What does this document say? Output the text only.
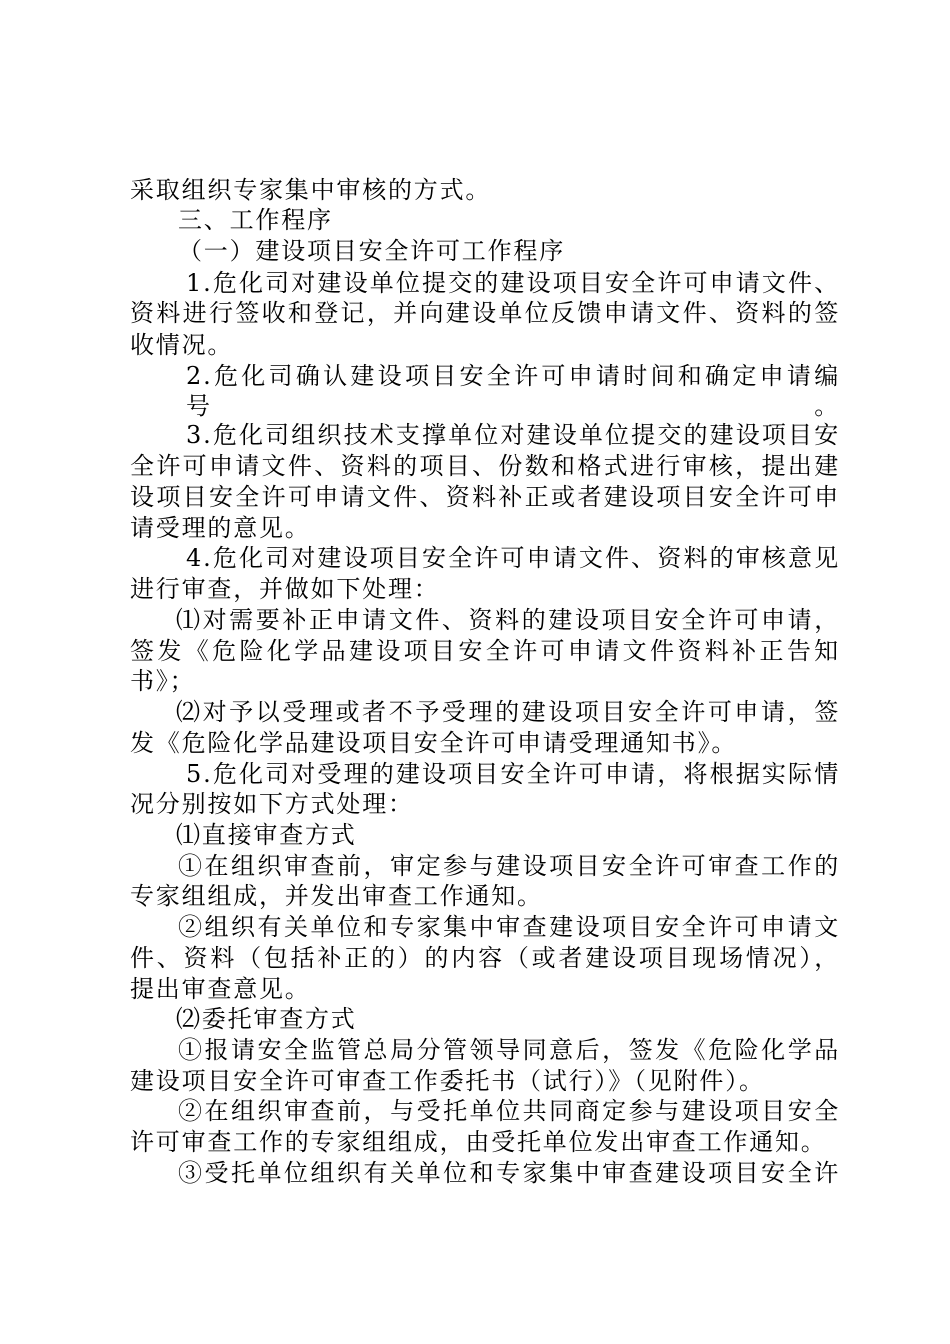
采取组织专家集中审核的方式。
三、工作程序
（一）建设项目安全许可工作程序
1.危化司对建设单位提交的建设项目安全许可申请文件、
资料进行签收和登记，并向建设单位反馈申请文件、资料的签
收情况。
2.危化司确认建设项目安全许可申请时间和确定申请编号。
3.危化司组织技术支撑单位对建设单位提交的建设项目安
全许可申请文件、资料的项目、份数和格式进行审核，提出建
设项目安全许可申请文件、资料补正或者建设项目安全许可申
请受理的意见。
4.危化司对建设项目安全许可申请文件、资料的审核意见
进行审查，并做如下处理：
⑴对需要补正申请文件、资料的建设项目安全许可申请，
签发《危险化学品建设项目安全许可申请文件资料补正告知
书》；
⑵对予以受理或者不予受理的建设项目安全许可申请，签
发《危险化学品建设项目安全许可申请受理通知书》。
5.危化司对受理的建设项目安全许可申请，将根据实际情
况分别按如下方式处理：
⑴直接审查方式
①在组织审查前，审定参与建设项目安全许可审查工作的
专家组组成，并发出审查工作通知。
②组织有关单位和专家集中审查建设项目安全许可申请文
件、资料（包括补正的）的内容（或者建设项目现场情况），
提出审查意见。
⑵委托审查方式
①报请安全监管总局分管领导同意后，签发《危险化学品
建设项目安全许可审查工作委托书（试行）》（见附件）。
②在组织审查前，与受托单位共同商定参与建设项目安全
许可审查工作的专家组组成，由受托单位发出审查工作通知。
③受托单位组织有关单位和专家集中审查建设项目安全许
